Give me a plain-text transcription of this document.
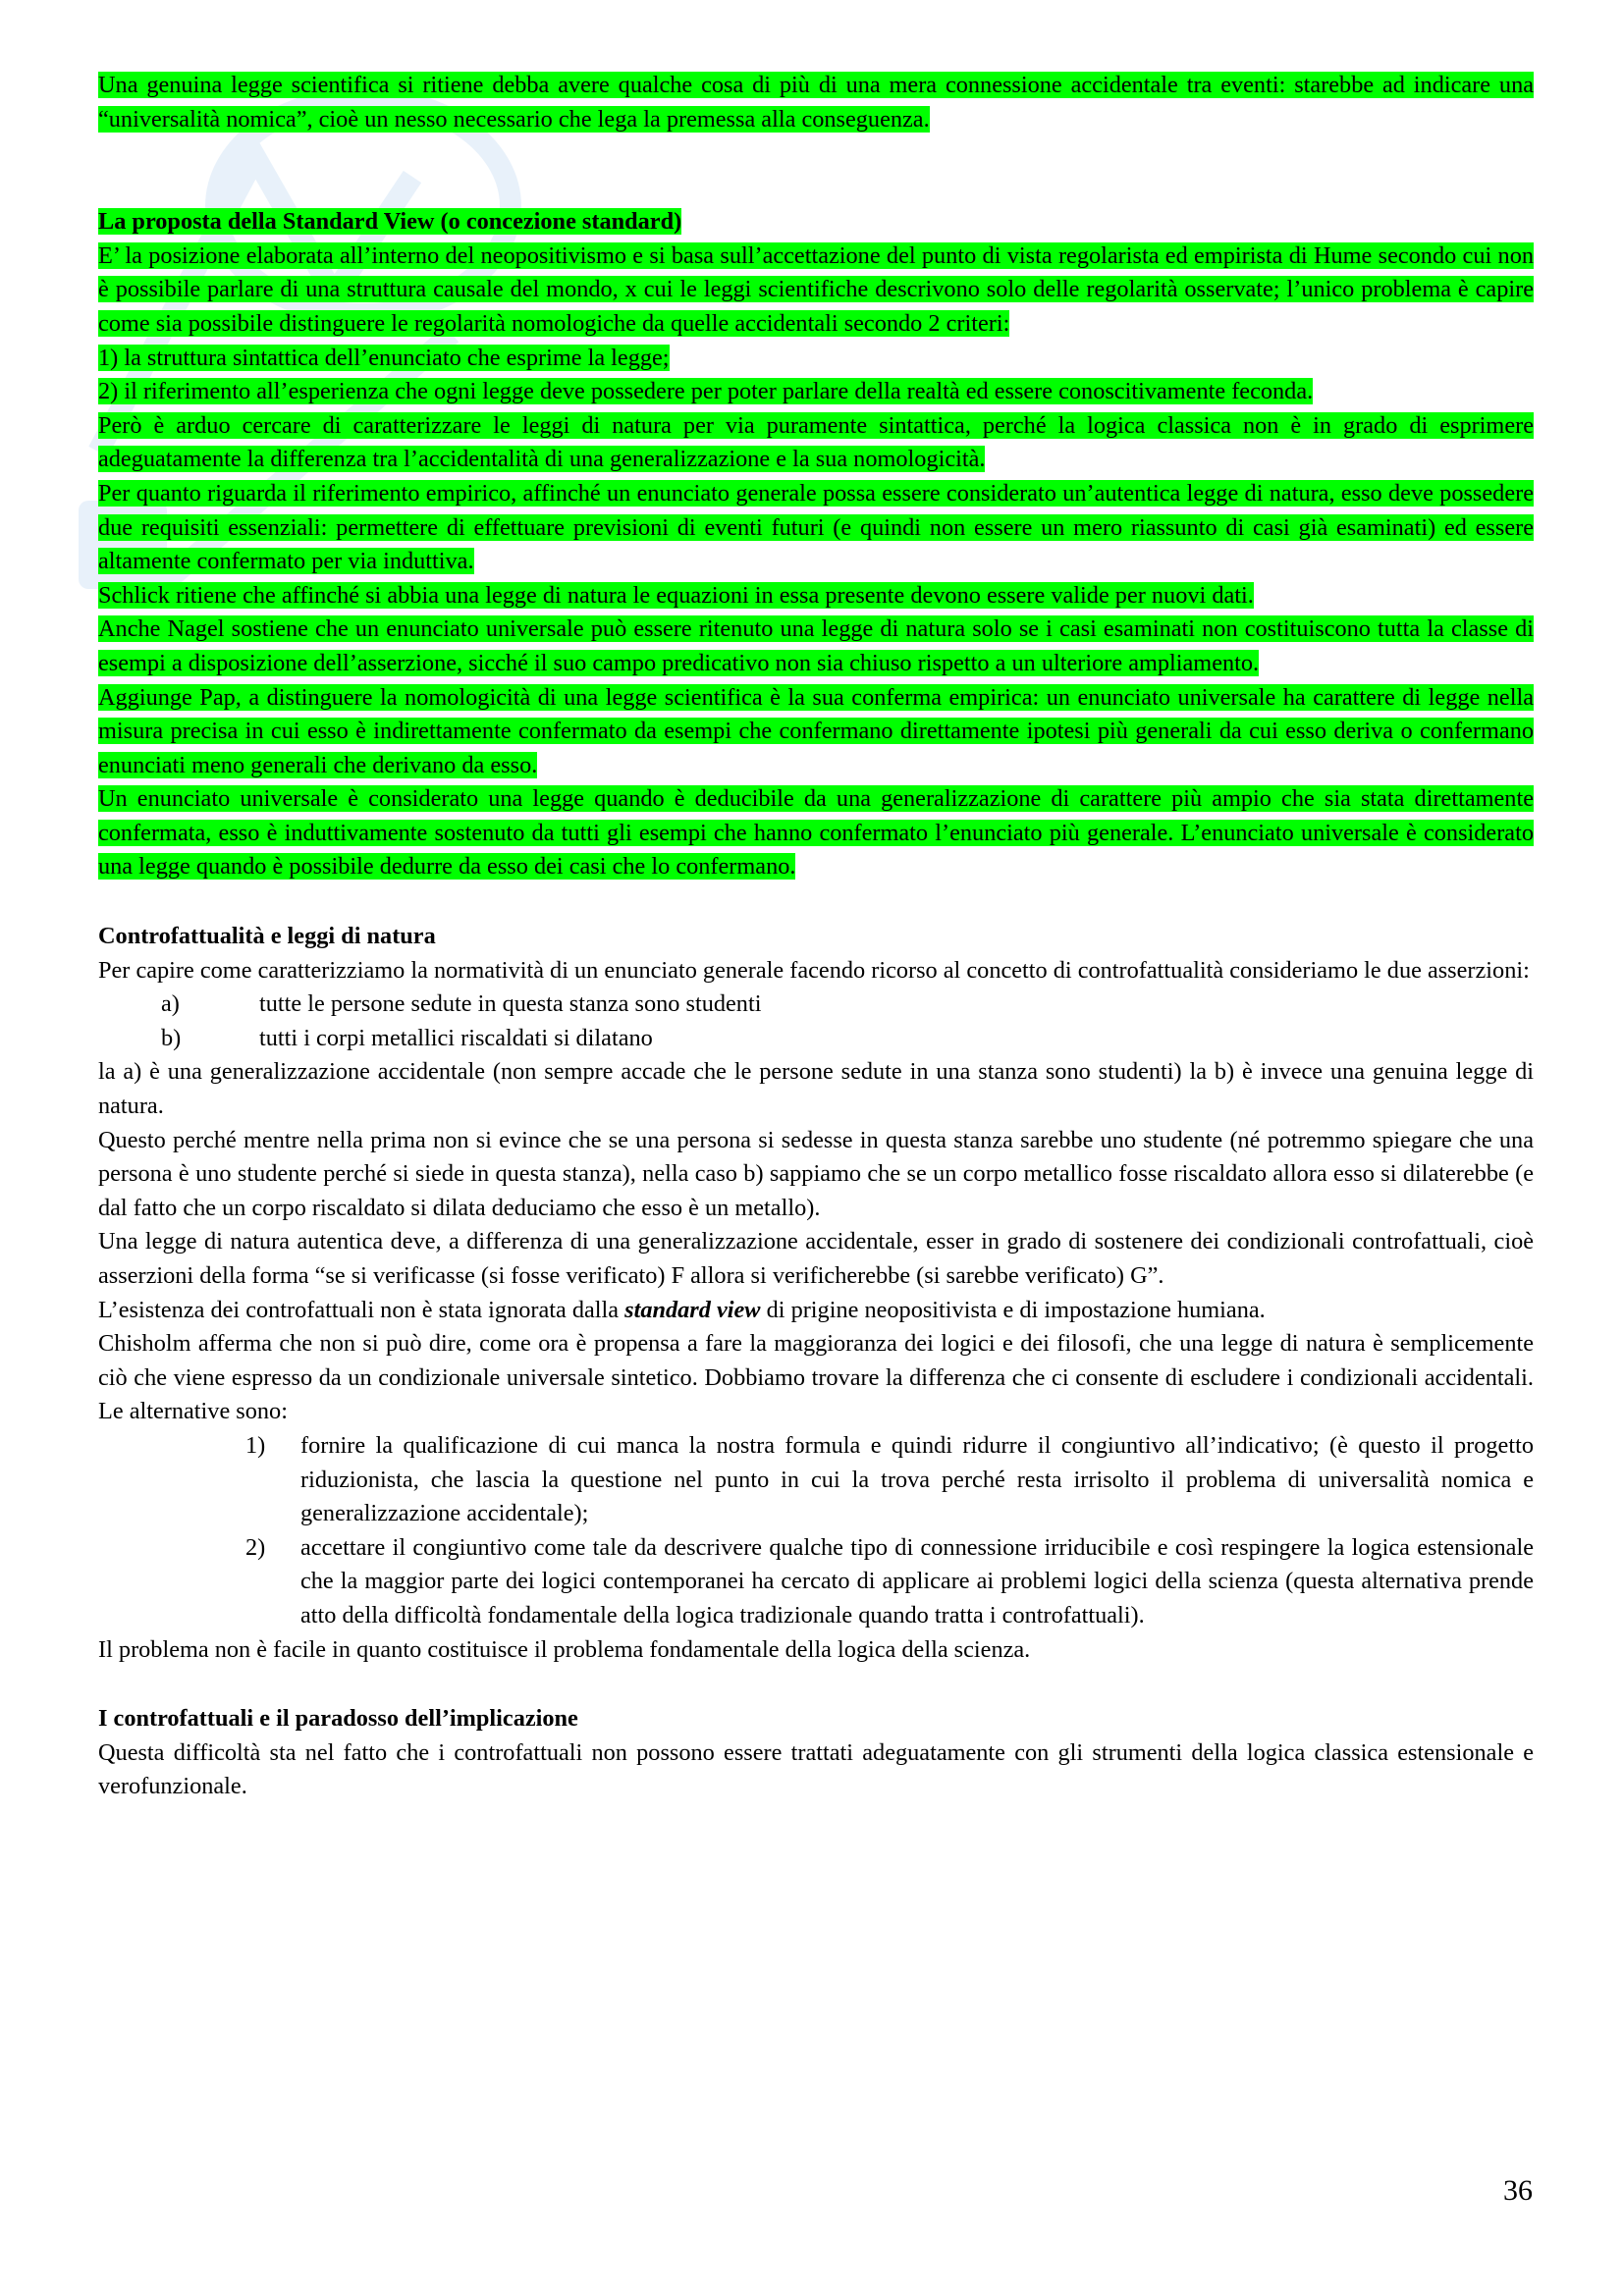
Una genuina legge scientifica si ritiene debba avere qualche cosa di più di una mera connessione accidentale tra eventi: starebbe ad indicare una “universalità nomica”, cioè un nesso necessario che lega la premessa alla conseguenza.

La proposta della Standard View (o concezione standard)

E’ la posizione elaborata all’interno del neopositivismo e si basa sull’accettazione del punto di vista regolarista ed empirista di Hume secondo cui non è possibile parlare di una struttura causale del mondo, x cui le leggi scientifiche descrivono solo delle regolarità osservate; l’unico problema è capire come sia possibile distinguere le regolarità nomologiche da quelle accidentali secondo 2 criteri:

1) la struttura sintattica dell’enunciato che esprime la legge;

2) il riferimento all’esperienza che ogni legge deve possedere per poter parlare della realtà ed essere conoscitivamente feconda.

Però è arduo cercare di caratterizzare le leggi di natura per via puramente sintattica, perché la logica classica non è in grado di esprimere adeguatamente la differenza tra l’accidentalità di una generalizzazione e la sua nomologicità.

Per quanto riguarda il riferimento empirico, affinché un enunciato generale possa essere considerato un’autentica legge di natura, esso deve possedere due requisiti essenziali: permettere di effettuare previsioni di eventi futuri (e quindi non essere un mero riassunto di casi già esaminati) ed essere altamente confermato per via induttiva.

Schlick ritiene che affinché si abbia una legge di natura le equazioni in essa presente devono essere valide per nuovi dati.

Anche Nagel sostiene che un enunciato universale può essere ritenuto una legge di natura solo se i casi esaminati non costituiscono tutta la classe di esempi a disposizione dell’asserzione, sicché il suo campo predicativo non sia chiuso rispetto a un ulteriore ampliamento.

Aggiunge Pap, a distinguere la nomologicità di una legge scientifica è la sua conferma empirica: un enunciato universale ha carattere di legge nella misura precisa in cui esso è indirettamente confermato da esempi che confermano direttamente ipotesi più generali da cui esso deriva o confermano enunciati meno generali che derivano da esso.

Un enunciato universale è considerato una legge quando è deducibile da una generalizzazione di carattere più ampio che sia stata direttamente confermata, esso è induttivamente sostenuto da tutti gli esempi che hanno confermato l’enunciato più generale. L’enunciato universale è considerato una legge quando è possibile dedurre da esso dei casi che lo confermano.

Controfattualità e leggi di natura

Per capire come caratterizziamo la normatività di un enunciato generale facendo ricorso al concetto di controfattualità consideriamo le due asserzioni:

a)	tutte le persone sedute in questa stanza sono studenti
b)	tutti i corpi metallici riscaldati si dilatano

la a) è una generalizzazione accidentale (non sempre accade che le persone sedute in una stanza sono studenti) la b) è invece una genuina legge di natura.

Questo perché mentre nella prima non si evince che se una persona si sedesse in questa stanza sarebbe uno studente (né potremmo spiegare che una persona è uno studente perché si siede in questa stanza), nella caso b) sappiamo che se un corpo metallico fosse riscaldato allora esso si dilaterebbe (e dal fatto che un corpo riscaldato si dilata deduciamo che esso è un metallo).

Una legge di natura autentica deve, a differenza di una generalizzazione accidentale, esser in grado di sostenere dei condizionali controfattuali, cioè asserzioni della forma “se si verificasse (si fosse verificato) F allora si verificherebbe (si sarebbe verificato) G”.

L’esistenza dei controfattuali non è stata ignorata dalla standard view di prigine neopositivista e di impostazione humiana.

Chisholm afferma che non si può dire, come ora è propensa a fare la maggioranza dei logici e dei filosofi, che una legge di natura è semplicemente ciò che viene espresso da un condizionale universale sintetico. Dobbiamo trovare la differenza che ci consente di escludere i condizionali accidentali. Le alternative sono:

1)	fornire la qualificazione di cui manca la nostra formula e quindi ridurre il congiuntivo all’indicativo; (è questo il progetto riduzionista, che lascia la questione nel punto in cui la trova perché resta irrisolto il problema di universalità nomica e generalizzazione accidentale);
2)	accettare il congiuntivo come tale da descrivere qualche tipo di connessione irriducibile e così respingere la logica estensionale che la maggior parte dei logici contemporanei ha cercato di applicare ai problemi logici della scienza (questa alternativa prende atto della difficoltà fondamentale della logica tradizionale quando tratta i controfattuali).

Il problema non è facile in quanto costituisce il problema fondamentale della logica della scienza.

I controfattuali e il paradosso dell’implicazione

Questa difficoltà sta nel fatto che i controfattuali non possono essere trattati adeguatamente con gli strumenti della logica classica estensionale e verofunzionale.

36
